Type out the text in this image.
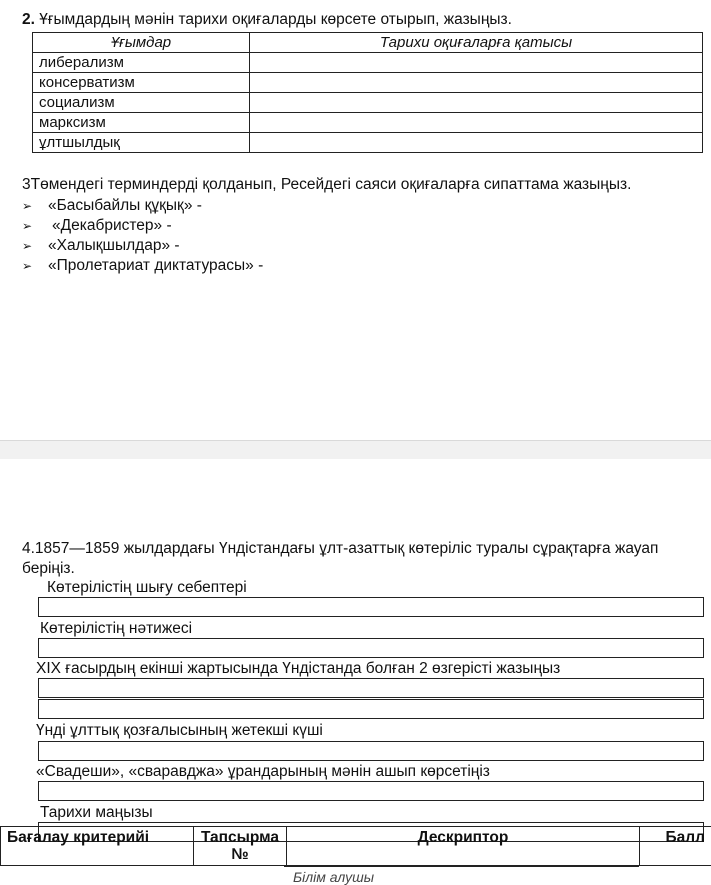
2. Ұғымдардың мәнін тарихи оқиғаларды көрсете отырып, жазыңыз.
Ұғымдар	Тарихи оқиғаларға қатысы
либерализм	
консерватизм	
социализм	
марксизм	
ұлтшылдық	
3Төмендегі терминдерді қолданып, Ресейдегі саяси оқиғаларға сипаттама жазыңыз.
➢	«Басыбайлы құқық» -
➢	«Декабристер» -
➢	«Халықшылдар» -
➢	«Пролетариат диктатурасы» -
4.1857—1859 жылдардағы Үндістандағы ұлт-азаттық көтеріліс туралы сұрақтарға жауап беріңіз.
Көтерілістің шығу себептері
Көтерілістің нәтижесі
XIX ғасырдың екінші жартысында Үндістанда болған 2 өзгерісті жазыңыз
Үнді ұлттық қозғалысының жетекші күші
«Свадеши», «сваравджа» ұрандарының мәнін ашып көрсетіңіз
Тарихи маңызы
Бағалау критерийі	Тапсырма №	Дескриптор	Балл
Білім алушы
